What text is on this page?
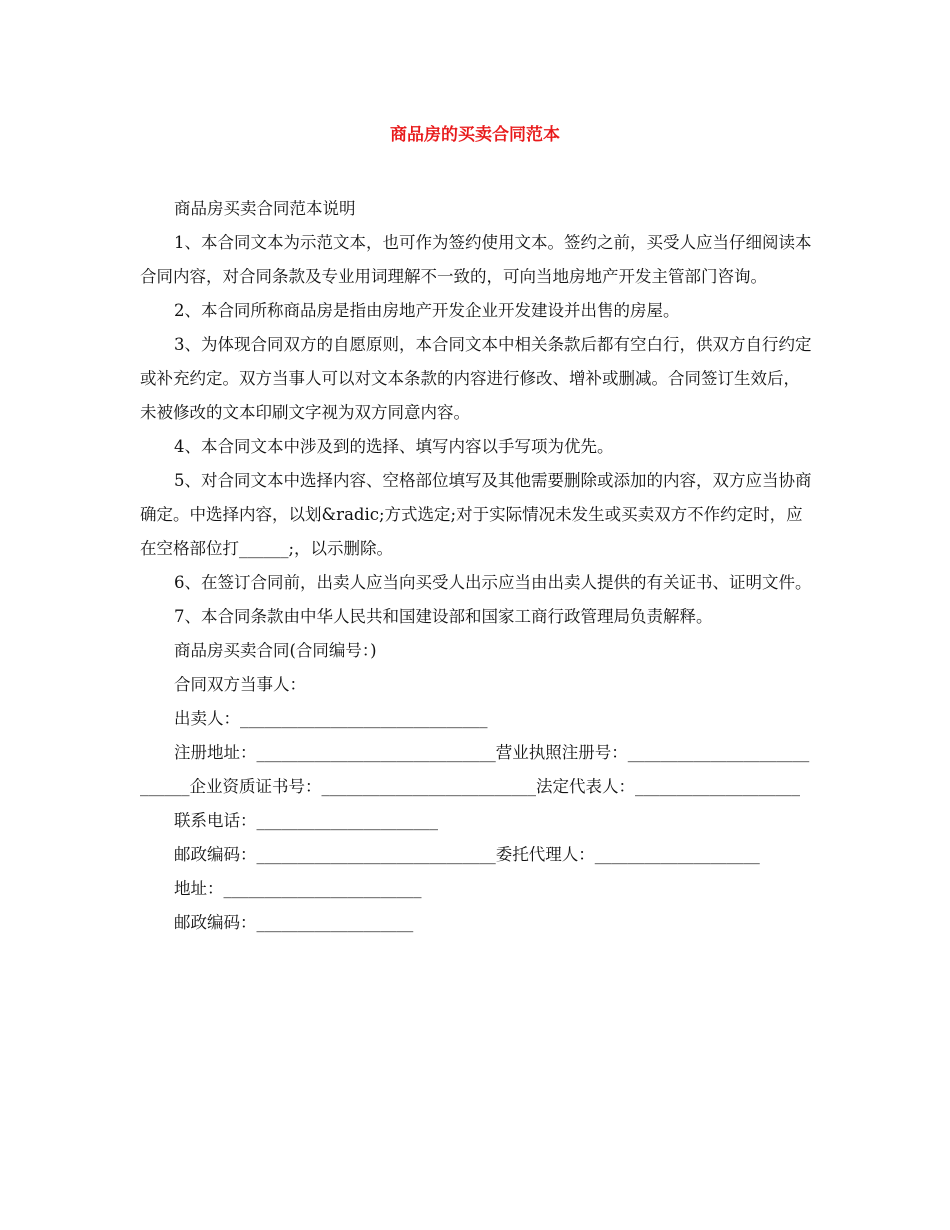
商品房的买卖合同范本

商品房买卖合同范本说明

1、本合同文本为示范文本，也可作为签约使用文本。签约之前，买受人应当仔细阅读本合同内容，对合同条款及专业用词理解不一致的，可向当地房地产开发主管部门咨询。

2、本合同所称商品房是指由房地产开发企业开发建设并出售的房屋。

3、为体现合同双方的自愿原则，本合同文本中相关条款后都有空白行，供双方自行约定或补充约定。双方当事人可以对文本条款的内容进行修改、增补或删减。合同签订生效后，未被修改的文本印刷文字视为双方同意内容。

4、本合同文本中涉及到的选择、填写内容以手写项为优先。

5、对合同文本中选择内容、空格部位填写及其他需要删除或添加的内容，双方应当协商确定。中选择内容，以划&radic;方式选定;对于实际情况未发生或买卖双方不作约定时，应在空格部位打______;，以示删除。

6、在签订合同前，出卖人应当向买受人出示应当由出卖人提供的有关证书、证明文件。

7、本合同条款由中华人民共和国建设部和国家工商行政管理局负责解释。

商品房买卖合同(合同编号：)

合同双方当事人：

出卖人：______________________________

注册地址：_____________________________营业执照注册号：____________________________企业资质证书号：__________________________法定代表人：____________________

联系电话：______________________

邮政编码：_____________________________委托代理人：____________________

地址：________________________

邮政编码：___________________
